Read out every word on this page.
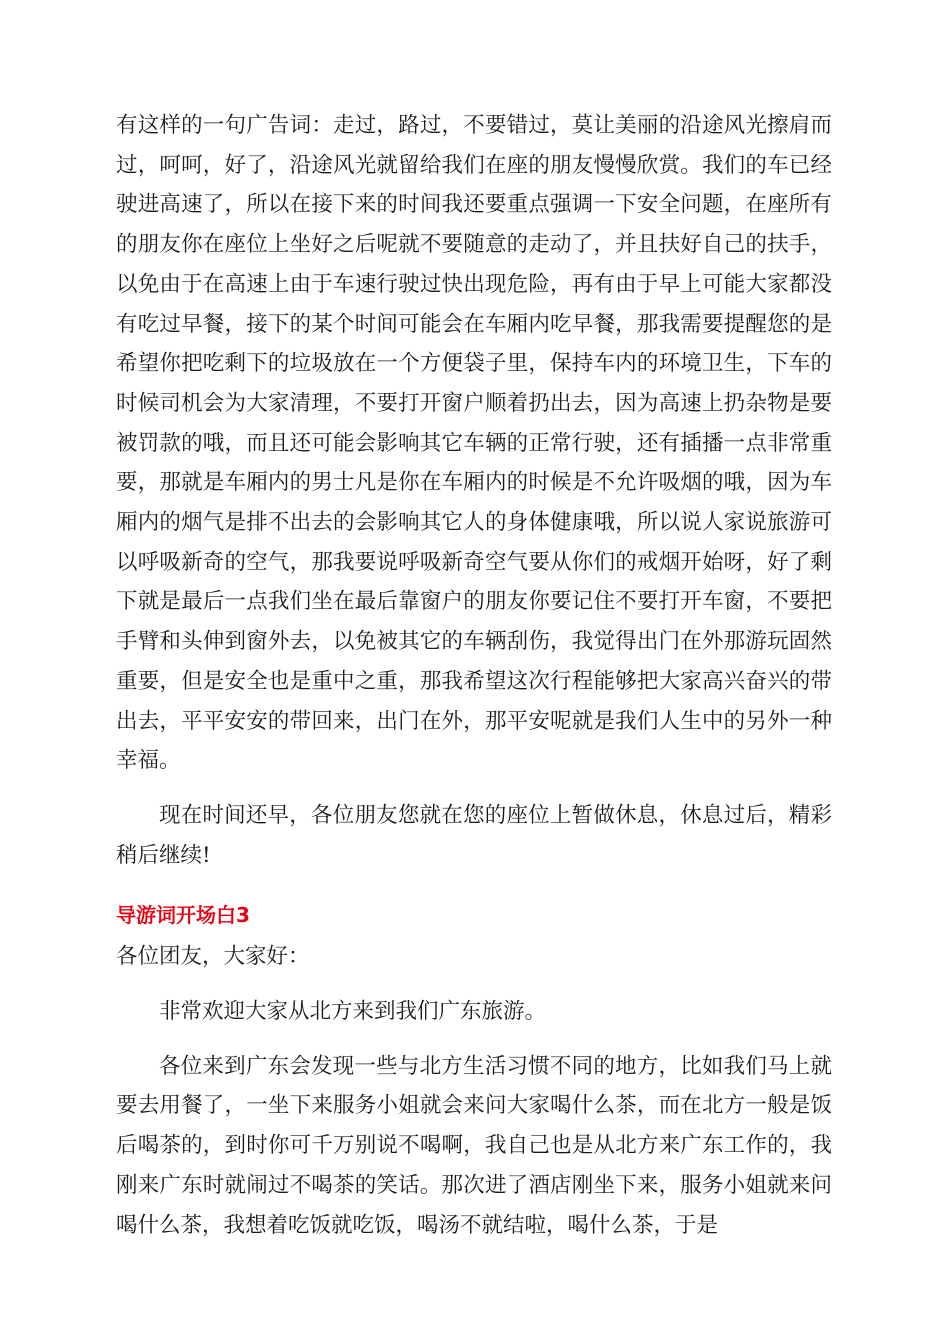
有这样的一句广告词：走过，路过，不要错过，莫让美丽的沿途风光擦肩而过，呵呵，好了，沿途风光就留给我们在座的朋友慢慢欣赏。我们的车已经驶进高速了，所以在接下来的时间我还要重点强调一下安全问题，在座所有的朋友你在座位上坐好之后呢就不要随意的走动了，并且扶好自己的扶手，以免由于在高速上由于车速行驶过快出现危险，再有由于早上可能大家都没有吃过早餐，接下的某个时间可能会在车厢内吃早餐，那我需要提醒您的是希望你把吃剩下的垃圾放在一个方便袋子里，保持车内的环境卫生，下车的时候司机会为大家清理，不要打开窗户顺着扔出去，因为高速上扔杂物是要被罚款的哦，而且还可能会影响其它车辆的正常行驶，还有插播一点非常重要，那就是车厢内的男士凡是你在车厢内的时候是不允许吸烟的哦，因为车厢内的烟气是排不出去的会影响其它人的身体健康哦，所以说人家说旅游可以呼吸新奇的空气，那我要说呼吸新奇空气要从你们的戒烟开始呀，好了剩下就是最后一点我们坐在最后靠窗户的朋友你要记住不要打开车窗，不要把手臂和头伸到窗外去，以免被其它的车辆刮伤，我觉得出门在外那游玩固然重要，但是安全也是重中之重，那我希望这次行程能够把大家高兴奋兴的带出去，平平安安的带回来，出门在外，那平安呢就是我们人生中的另外一种幸福。

现在时间还早，各位朋友您就在您的座位上暂做休息，休息过后，精彩稍后继续!

导游词开场白3

各位团友，大家好：

非常欢迎大家从北方来到我们广东旅游。

各位来到广东会发现一些与北方生活习惯不同的地方，比如我们马上就要去用餐了，一坐下来服务小姐就会来问大家喝什么茶，而在北方一般是饭后喝茶的，到时你可千万别说不喝啊，我自己也是从北方来广东工作的，我刚来广东时就闹过不喝茶的笑话。那次进了酒店刚坐下来，服务小姐就来问喝什么茶，我想着吃饭就吃饭，喝汤不就结啦，喝什么茶，于是
